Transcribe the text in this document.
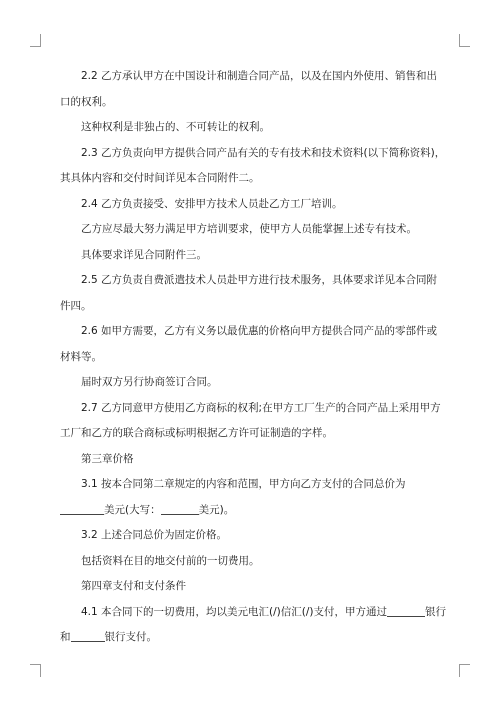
2.2 乙方承认甲方在中国设计和制造合同产品，以及在国内外使用、销售和出口的权利。

这种权利是非独占的、不可转让的权利。

2.3 乙方负责向甲方提供合同产品有关的专有技术和技术资料(以下简称资料)，其具体内容和交付时间详见本合同附件二。

2.4 乙方负责接受、安排甲方技术人员赴乙方工厂培训。

乙方应尽最大努力满足甲方培训要求，使甲方人员能掌握上述专有技术。

具体要求详见合同附件三。

2.5 乙方负责自费派遣技术人员赴甲方进行技术服务，具体要求详见本合同附件四。

2.6 如甲方需要，乙方有义务以最优惠的价格向甲方提供合同产品的零部件或材料等。

届时双方另行协商签订合同。

2.7 乙方同意甲方使用乙方商标的权利;在甲方工厂生产的合同产品上采用甲方工厂和乙方的联合商标或标明根据乙方许可证制造的字样。

第三章价格

3.1 按本合同第二章规定的内容和范围，甲方向乙方支付的合同总价为美元(大写：	美元)。

3.2 上述合同总价为固定价格。

包括资料在目的地交付前的一切费用。

第四章支付和支付条件

4.1 本合同下的一切费用，均以美元电汇(/)信汇(/)支付，甲方通过	银行和	银行支付。
